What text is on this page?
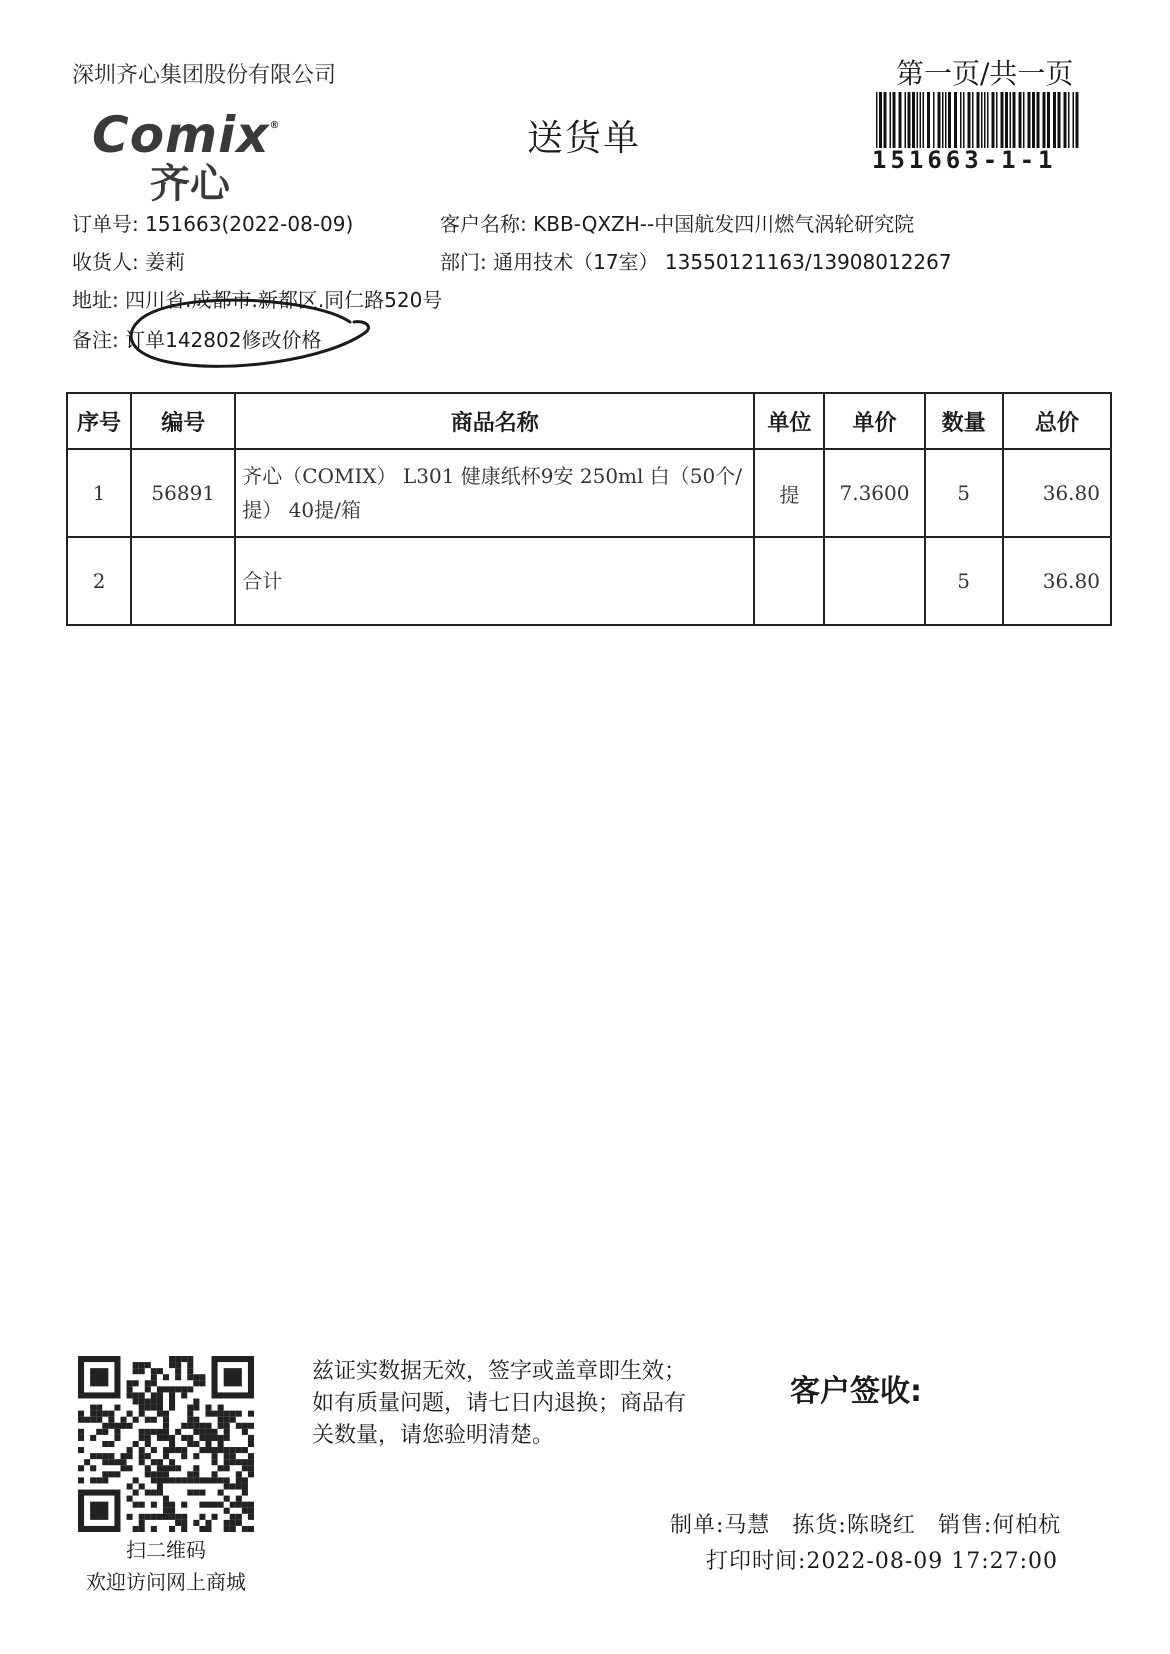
深圳齐心集团股份有限公司	第一页/共一页
Comix®
齐心
送货单
151663-1-1
订单号: 151663(2022-08-09)	客户名称: KBB-QXZH--中国航发四川燃气涡轮研究院
收货人: 姜莉	部门: 通用技术（17室） 13550121163/13908012267
地址: 四川省.成都市.新都区.同仁路520号
备注: 订单142802修改价格
序号	编号	商品名称	单位	单价	数量	总价
1	56891	齐心（COMIX） L301 健康纸杯9安 250ml 白（50个/提） 40提/箱	提	7.3600	5	36.80
2		合计			5	36.80
扫二维码
欢迎访问网上商城
兹证实数据无效，签字或盖章即生效；如有质量问题，请七日内退换；商品有关数量，请您验明清楚。
客户签收:
制单:马慧 拣货:陈晓红 销售:何柏杭
打印时间:2022-08-09 17:27:00
